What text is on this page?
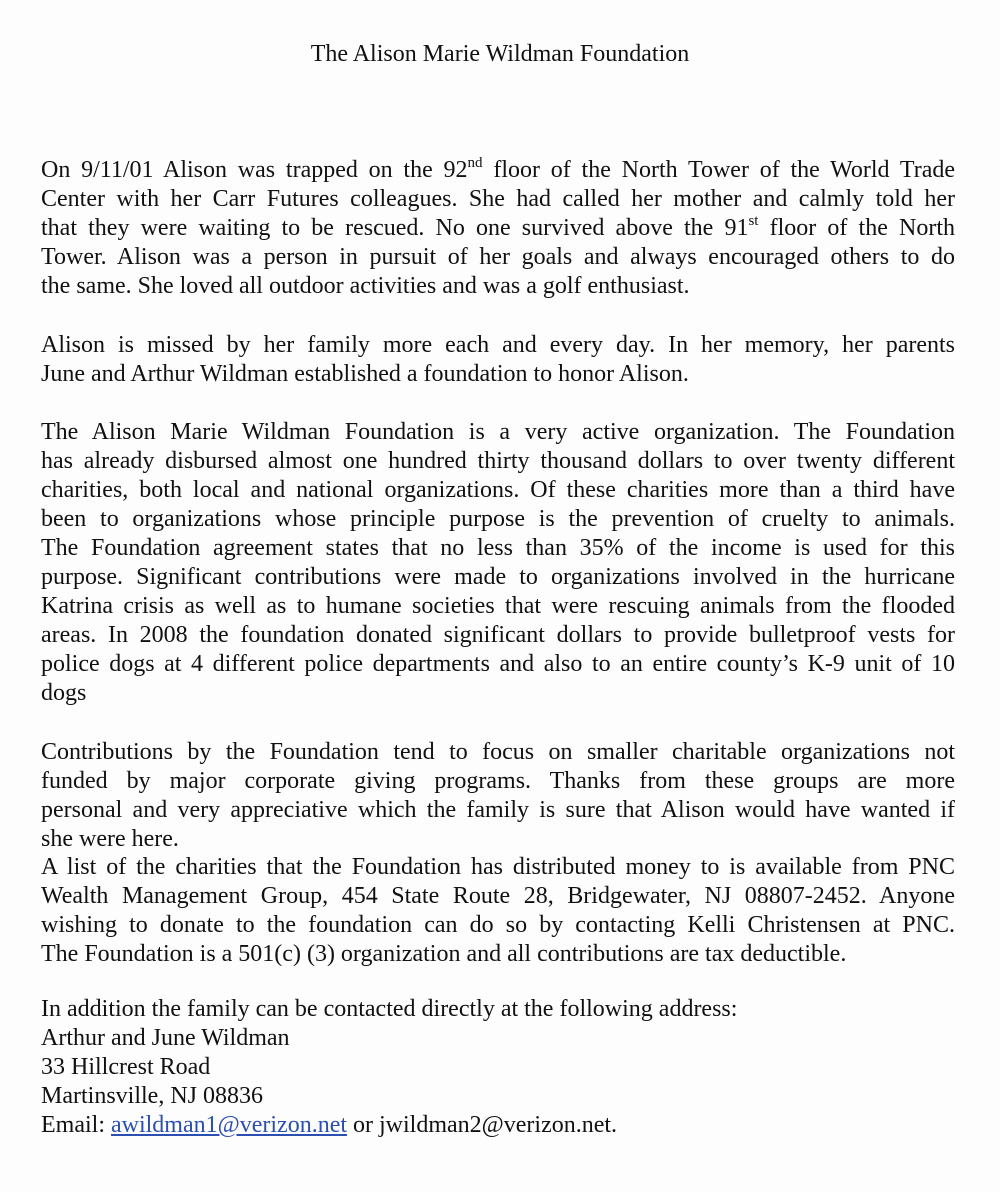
The Alison Marie Wildman Foundation
On 9/11/01 Alison was trapped on the 92nd floor of the North Tower of the World Trade
Center with her Carr Futures colleagues. She had called her mother and calmly told her
that they were waiting to be rescued. No one survived above the 91st floor of the North
Tower. Alison was a person in pursuit of her goals and always encouraged others to do
the same. She loved all outdoor activities and was a golf enthusiast.
Alison is missed by her family more each and every day. In her memory, her parents
June and Arthur Wildman established a foundation to honor Alison.
The Alison Marie Wildman Foundation is a very active organization. The Foundation
has already disbursed almost one hundred thirty thousand dollars to over twenty different
charities, both local and national organizations. Of these charities more than a third have
been to organizations whose principle purpose is the prevention of cruelty to animals.
The Foundation agreement states that no less than 35% of the income is used for this
purpose. Significant contributions were made to organizations involved in the hurricane
Katrina crisis as well as to humane societies that were rescuing animals from the flooded
areas. In 2008 the foundation donated significant dollars to provide bulletproof vests for
police dogs at 4 different police departments and also to an entire county’s K-9 unit of 10
dogs
Contributions by the Foundation tend to focus on smaller charitable organizations not
funded by major corporate giving programs. Thanks from these groups are more
personal and very appreciative which the family is sure that Alison would have wanted if
she were here.
A list of the charities that the Foundation has distributed money to is available from PNC
Wealth Management Group, 454 State Route 28, Bridgewater, NJ 08807-2452. Anyone
wishing to donate to the foundation can do so by contacting Kelli Christensen at PNC.
The Foundation is a 501(c) (3) organization and all contributions are tax deductible.
In addition the family can be contacted directly at the following address:
Arthur and June Wildman
33 Hillcrest Road
Martinsville, NJ 08836
Email: awildman1@verizon.net or jwildman2@verizon.net.
